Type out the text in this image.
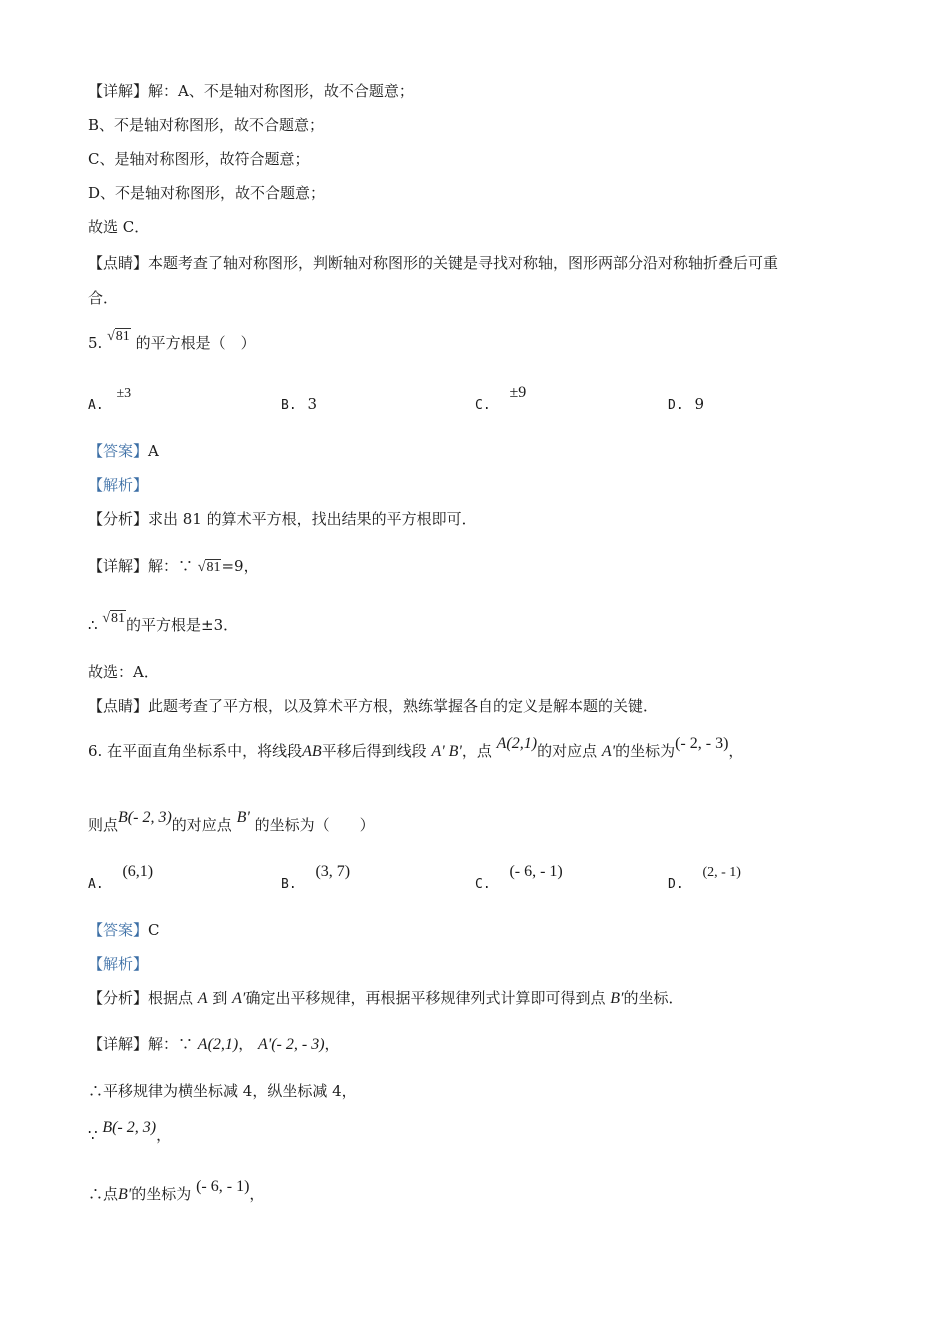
【详解】解：A、不是轴对称图形，故不合题意；
B、不是轴对称图形，故不合题意；
C、是轴对称图形，故符合题意；
D、不是轴对称图形，故不合题意；
故选 C．
【点睛】本题考查了轴对称图形，判断轴对称图形的关键是寻找对称轴，图形两部分沿对称轴折叠后可重
合．
5. √81 的平方根是（　）
A. ±3
B. 3	C. ±9
D. 9
【答案】A
【解析】
【分析】求出 81 的算术平方根，找出结果的平方根即可．
【详解】解：∵ √81=9，
∴ √81的平方根是±3．
故选：A．
【点睛】此题考查了平方根，以及算术平方根，熟练掌握各自的定义是解本题的关键．
6. 在平面直角坐标系中，将线段AB平移后得到线段 A' B'，点 A(2,1)的对应点 A'的坐标为(- 2, - 3)，
则点B(- 2, 3)的对应点 B' 的坐标为（　　）
A. (6,1)
B. (3, 7)
C. (- 6, - 1)
D. (2, - 1)
【答案】C
【解析】
【分析】根据点 A 到 A′确定出平移规律，再根据平移规律列式计算即可得到点 B′的坐标．
【详解】解：∵ A(2,1)， A'(- 2, - 3)，
∴平移规律为横坐标减 4，纵坐标减 4，
∵ B(- 2, 3)，
∴点B′的坐标为 (- 6, - 1)，
